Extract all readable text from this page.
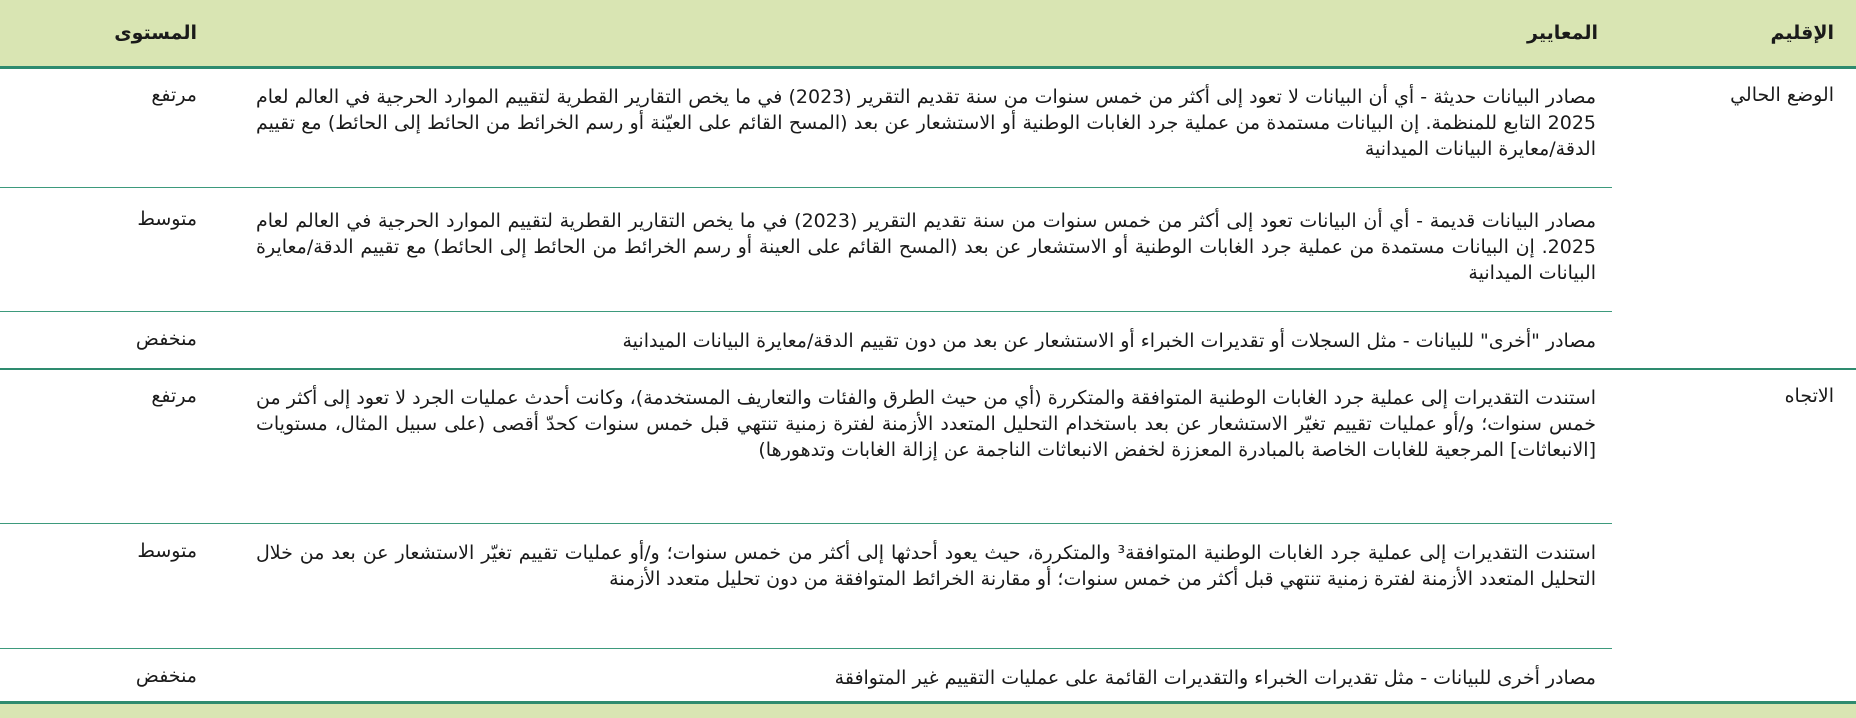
الإقليم
المعايير
المستوى
الوضع الحالي
مصادر البيانات حديثة - أي أن البيانات لا تعود إلى أكثر من خمس سنوات من سنة تقديم التقرير (2023) في ما يخص التقارير القطرية لتقييم الموارد الحرجية في العالم لعام 2025 التابع للمنظمة. إن البيانات مستمدة من عملية جرد الغابات الوطنية أو الاستشعار عن بعد (المسح القائم على العيّنة أو رسم الخرائط من الحائط إلى الحائط) مع تقييم الدقة/معايرة البيانات الميدانية
مرتفع
مصادر البيانات قديمة - أي أن البيانات تعود إلى أكثر من خمس سنوات من سنة تقديم التقرير (2023) في ما يخص التقارير القطرية لتقييم الموارد الحرجية في العالم لعام 2025. إن البيانات مستمدة من عملية جرد الغابات الوطنية أو الاستشعار عن بعد (المسح القائم على العينة أو رسم الخرائط من الحائط إلى الحائط) مع تقييم الدقة/معايرة البيانات الميدانية
متوسط
مصادر "أخرى" للبيانات - مثل السجلات أو تقديرات الخبراء أو الاستشعار عن بعد من دون تقييم الدقة/معايرة البيانات الميدانية
منخفض
الاتجاه
استندت التقديرات إلى عملية جرد الغابات الوطنية المتوافقة والمتكررة (أي من حيث الطرق والفئات والتعاريف المستخدمة)، وكانت أحدث عمليات الجرد لا تعود إلى أكثر من خمس سنوات؛ و/أو عمليات تقييم تغيّر الاستشعار عن بعد باستخدام التحليل المتعدد الأزمنة لفترة زمنية تنتهي قبل خمس سنوات كحدّ أقصى (على سبيل المثال، مستويات [الانبعاثات] المرجعية للغابات الخاصة بالمبادرة المعززة لخفض الانبعاثات الناجمة عن إزالة الغابات وتدهورها)
مرتفع
استندت التقديرات إلى عملية جرد الغابات الوطنية المتوافقة³ والمتكررة، حيث يعود أحدثها إلى أكثر من خمس سنوات؛ و/أو عمليات تقييم تغيّر الاستشعار عن بعد من خلال التحليل المتعدد الأزمنة لفترة زمنية تنتهي قبل أكثر من خمس سنوات؛ أو مقارنة الخرائط المتوافقة من دون تحليل متعدد الأزمنة
متوسط
مصادر أخرى للبيانات - مثل تقديرات الخبراء والتقديرات القائمة على عمليات التقييم غير المتوافقة
منخفض
